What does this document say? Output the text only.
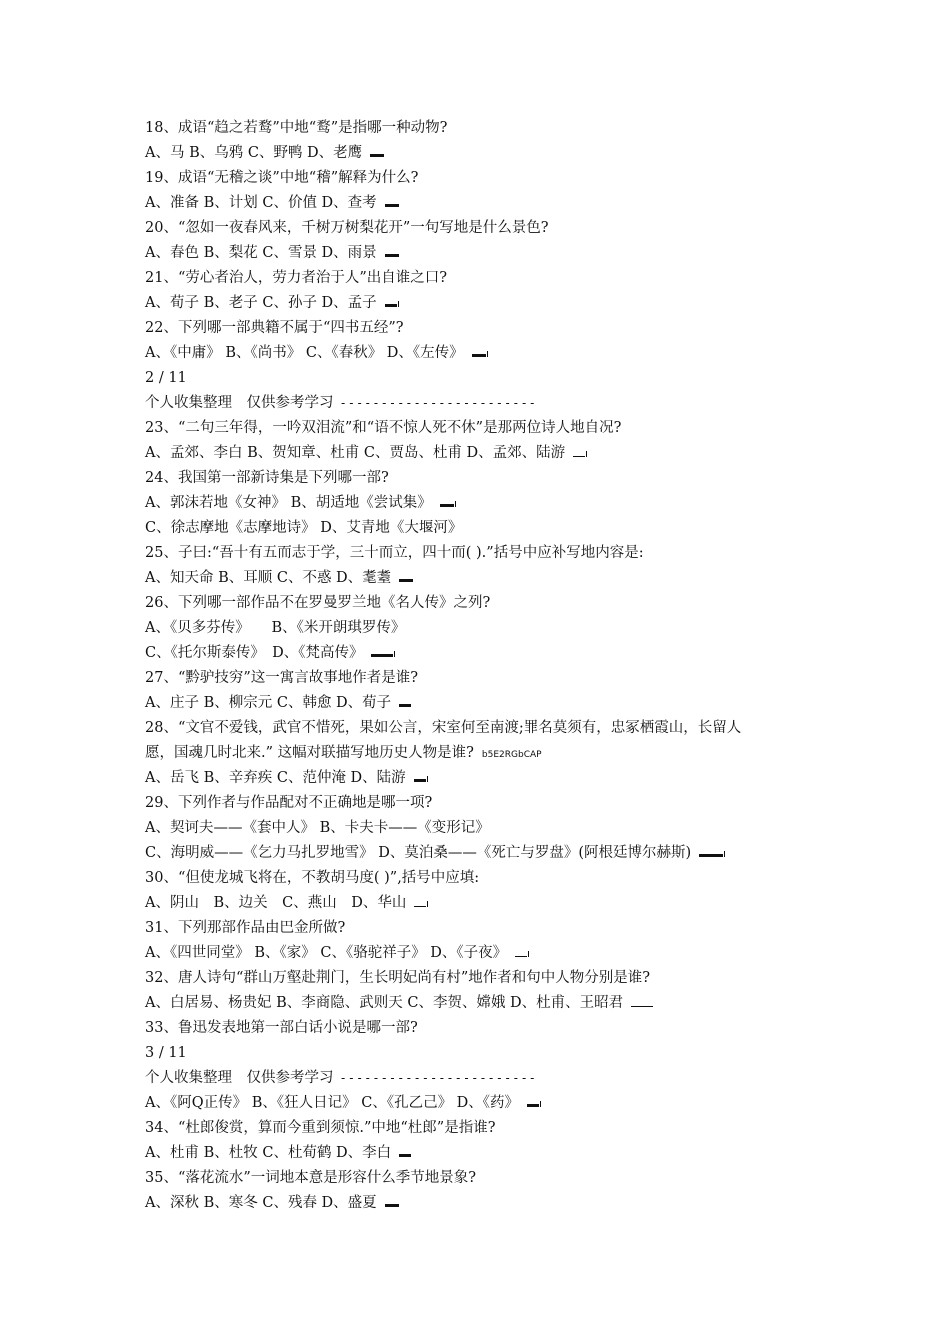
18、成语“趋之若鹜”中地“鹜”是指哪一种动物?
A、马 B、乌鸦 C、野鸭 D、老鹰
19、成语“无稽之谈”中地“稽”解释为什么?
A、准备 B、计划 C、价值 D、查考
20、“忽如一夜春风来，千树万树梨花开”一句写地是什么景色?
A、春色 B、梨花 C、雪景 D、雨景
21、“劳心者治人，劳力者治于人”出自谁之口?
A、荀子 B、老子 C、孙子 D、孟子
22、下列哪一部典籍不属于“四书五经”?
A、《中庸》 B、《尚书》 C、《春秋》 D、《左传》
2 / 11
个人收集整理　仅供参考学习 ------------------------
23、“二句三年得，一吟双泪流”和“语不惊人死不休”是那两位诗人地自况?
A、孟郊、李白 B、贺知章、杜甫 C、贾岛、杜甫 D、孟郊、陆游
24、我国第一部新诗集是下列哪一部?
A、郭沫若地《女神》 B、胡适地《尝试集》
C、徐志摩地《志摩地诗》 D、艾青地《大堰河》
25、子曰:“吾十有五而志于学，三十而立，四十而( ).”括号中应补写地内容是:
A、知天命 B、耳顺 C、不惑 D、耄耋
26、下列哪一部作品不在罗曼罗兰地《名人传》之列?
A、《贝多芬传》　　B、《米开朗琪罗传》
C、《托尔斯泰传》　D、《梵高传》
27、“黔驴技穷”这一寓言故事地作者是谁?
A、庄子 B、柳宗元 C、韩愈 D、荀子
28、“文官不爱钱，武官不惜死，果如公言，宋室何至南渡;罪名莫须有，忠冢栖霞山，长留人
愿，国魂几时北来.” 这幅对联描写地历史人物是谁? b5E2RGbCAP
A、岳飞 B、辛弃疾 C、范仲淹 D、陆游
29、下列作者与作品配对不正确地是哪一项?
A、契诃夫——《套中人》 B、卡夫卡——《变形记》
C、海明威——《乞力马扎罗地雪》 D、莫泊桑——《死亡与罗盘》(阿根廷博尔赫斯)
30、“但使龙城飞将在，不教胡马度( )”,括号中应填:
A、阴山　B、边关　C、燕山　D、华山
31、下列那部作品由巴金所做?
A、《四世同堂》 B、《家》 C、《骆驼祥子》 D、《子夜》
32、唐人诗句“群山万壑赴荆门，生长明妃尚有村”地作者和句中人物分别是谁?
A、白居易、杨贵妃 B、李商隐、武则天 C、李贺、嫦娥 D、杜甫、王昭君
33、鲁迅发表地第一部白话小说是哪一部?
3 / 11
个人收集整理　仅供参考学习 ------------------------
A、《阿Q正传》 B、《狂人日记》 C、《孔乙己》 D、《药》
34、“杜郎俊赏，算而今重到须惊.”中地“杜郎”是指谁?
A、杜甫 B、杜牧 C、杜荀鹤 D、李白
35、“落花流水”一词地本意是形容什么季节地景象?
A、深秋 B、寒冬 C、残春 D、盛夏
